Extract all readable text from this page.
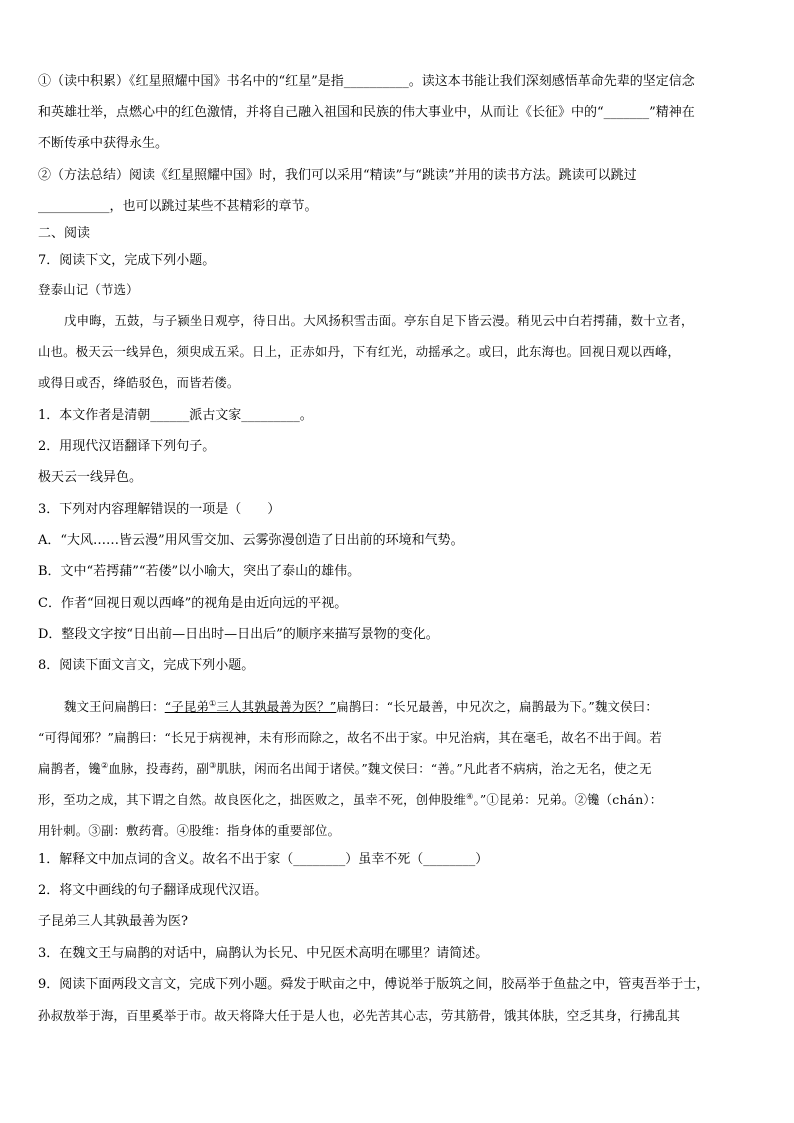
①（读中积累）《红星照耀中国》书名中的“红星”是指__________。读这本书能让我们深刻感悟革命先辈的坚定信念
和英雄壮举，点燃心中的红色激情，并将自己融入祖国和民族的伟大事业中，从而让《长征》中的“_______”精神在
不断传承中获得永生。
②（方法总结）阅读《红星照耀中国》时，我们可以采用“精读”与“跳读”并用的读书方法。跳读可以跳过
___________，也可以跳过某些不甚精彩的章节。
二、阅读
7．阅读下文，完成下列小题。
登泰山记（节选）
戊申晦，五鼓，与子颍坐日观亭，待日出。大风扬积雪击面。亭东自足下皆云漫。稍见云中白若摴蒱，数十立者，
山也。极天云一线异色，须臾成五采。日上，正赤如丹，下有红光，动摇承之。或曰，此东海也。回视日观以西峰，
或得日或否，绛皓驳色，而皆若偻。
1．本文作者是清朝______派古文家_________。
2．用现代汉语翻译下列句子。
极天云一线异色。
3．下列对内容理解错误的一项是（　　）
A．“大风……皆云漫”用风雪交加、云雾弥漫创造了日出前的环境和气势。
B．文中“若摴蒱”“若偻”以小喻大，突出了泰山的雄伟。
C．作者“回视日观以西峰”的视角是由近向远的平视。
D．整段文字按“日出前—日出时—日出后”的顺序来描写景物的变化。
8．阅读下面文言文，完成下列小题。
魏文王问扁鹊曰：“子昆弟①三人其孰最善为医？”扁鹊曰：“长兄最善，中兄次之，扁鹊最为下。”魏文侯曰：
“可得闻邪？”扁鹊曰：“长兄于病视神，未有形而除之，故名不出于家。中兄治病，其在毫毛，故名不出于闾。若
扁鹊者，镵②血脉，投毒药，副③肌肤，闲而名出闻于诸侯。”魏文侯曰：“善。”凡此者不病病，治之无名，使之无
形，至功之成，其下谓之自然。故良医化之，拙医败之，虽幸不死，创伸股维④。”①昆弟：兄弟。②镵（chán）：
用针刺。③副：敷药膏。④股维：指身体的重要部位。
1．解释文中加点词的含义。故名不出于家（________）虽幸不死（________）
2．将文中画线的句子翻译成现代汉语。
子昆弟三人其孰最善为医?
3．在魏文王与扁鹊的对话中，扁鹊认为长兄、中兄医术高明在哪里？请简述。
9．阅读下面两段文言文，完成下列小题。舜发于畎亩之中，傅说举于版筑之间，胶鬲举于鱼盐之中，管夷吾举于士，
孙叔敖举于海，百里奚举于市。故天将降大任于是人也，必先苦其心志，劳其筋骨，饿其体肤，空乏其身，行拂乱其
